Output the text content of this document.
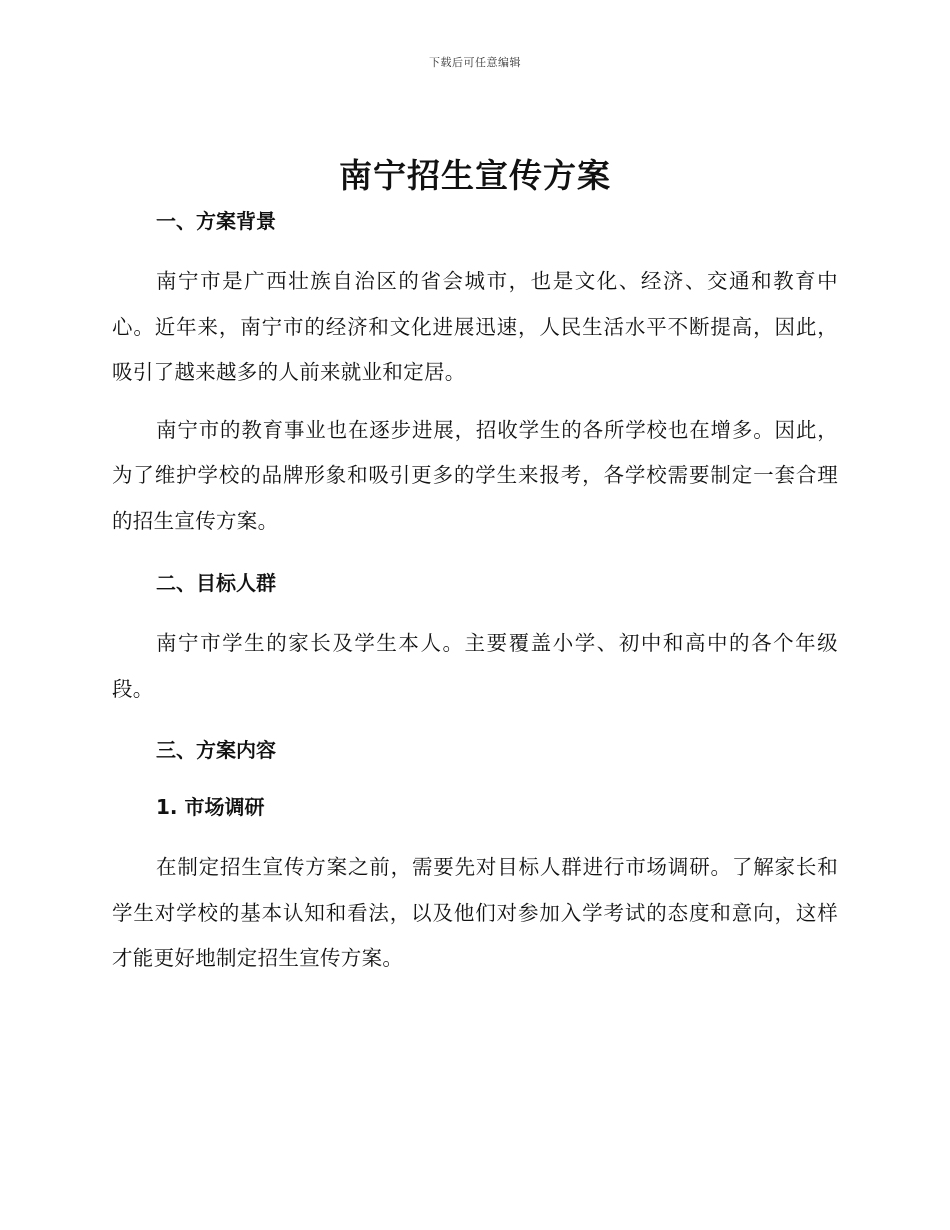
下载后可任意编辑
南宁招生宣传方案
一、方案背景

南宁市是广西壮族自治区的省会城市，也是文化、经济、交通和教育中心。近年来，南宁市的经济和文化进展迅速，人民生活水平不断提高，因此，吸引了越来越多的人前来就业和定居。

南宁市的教育事业也在逐步进展，招收学生的各所学校也在增多。因此，为了维护学校的品牌形象和吸引更多的学生来报考，各学校需要制定一套合理的招生宣传方案。

二、目标人群

南宁市学生的家长及学生本人。主要覆盖小学、初中和高中的各个年级段。

三、方案内容
1. 市场调研

在制定招生宣传方案之前，需要先对目标人群进行市场调研。了解家长和学生对学校的基本认知和看法，以及他们对参加入学考试的态度和意向，这样才能更好地制定招生宣传方案。
